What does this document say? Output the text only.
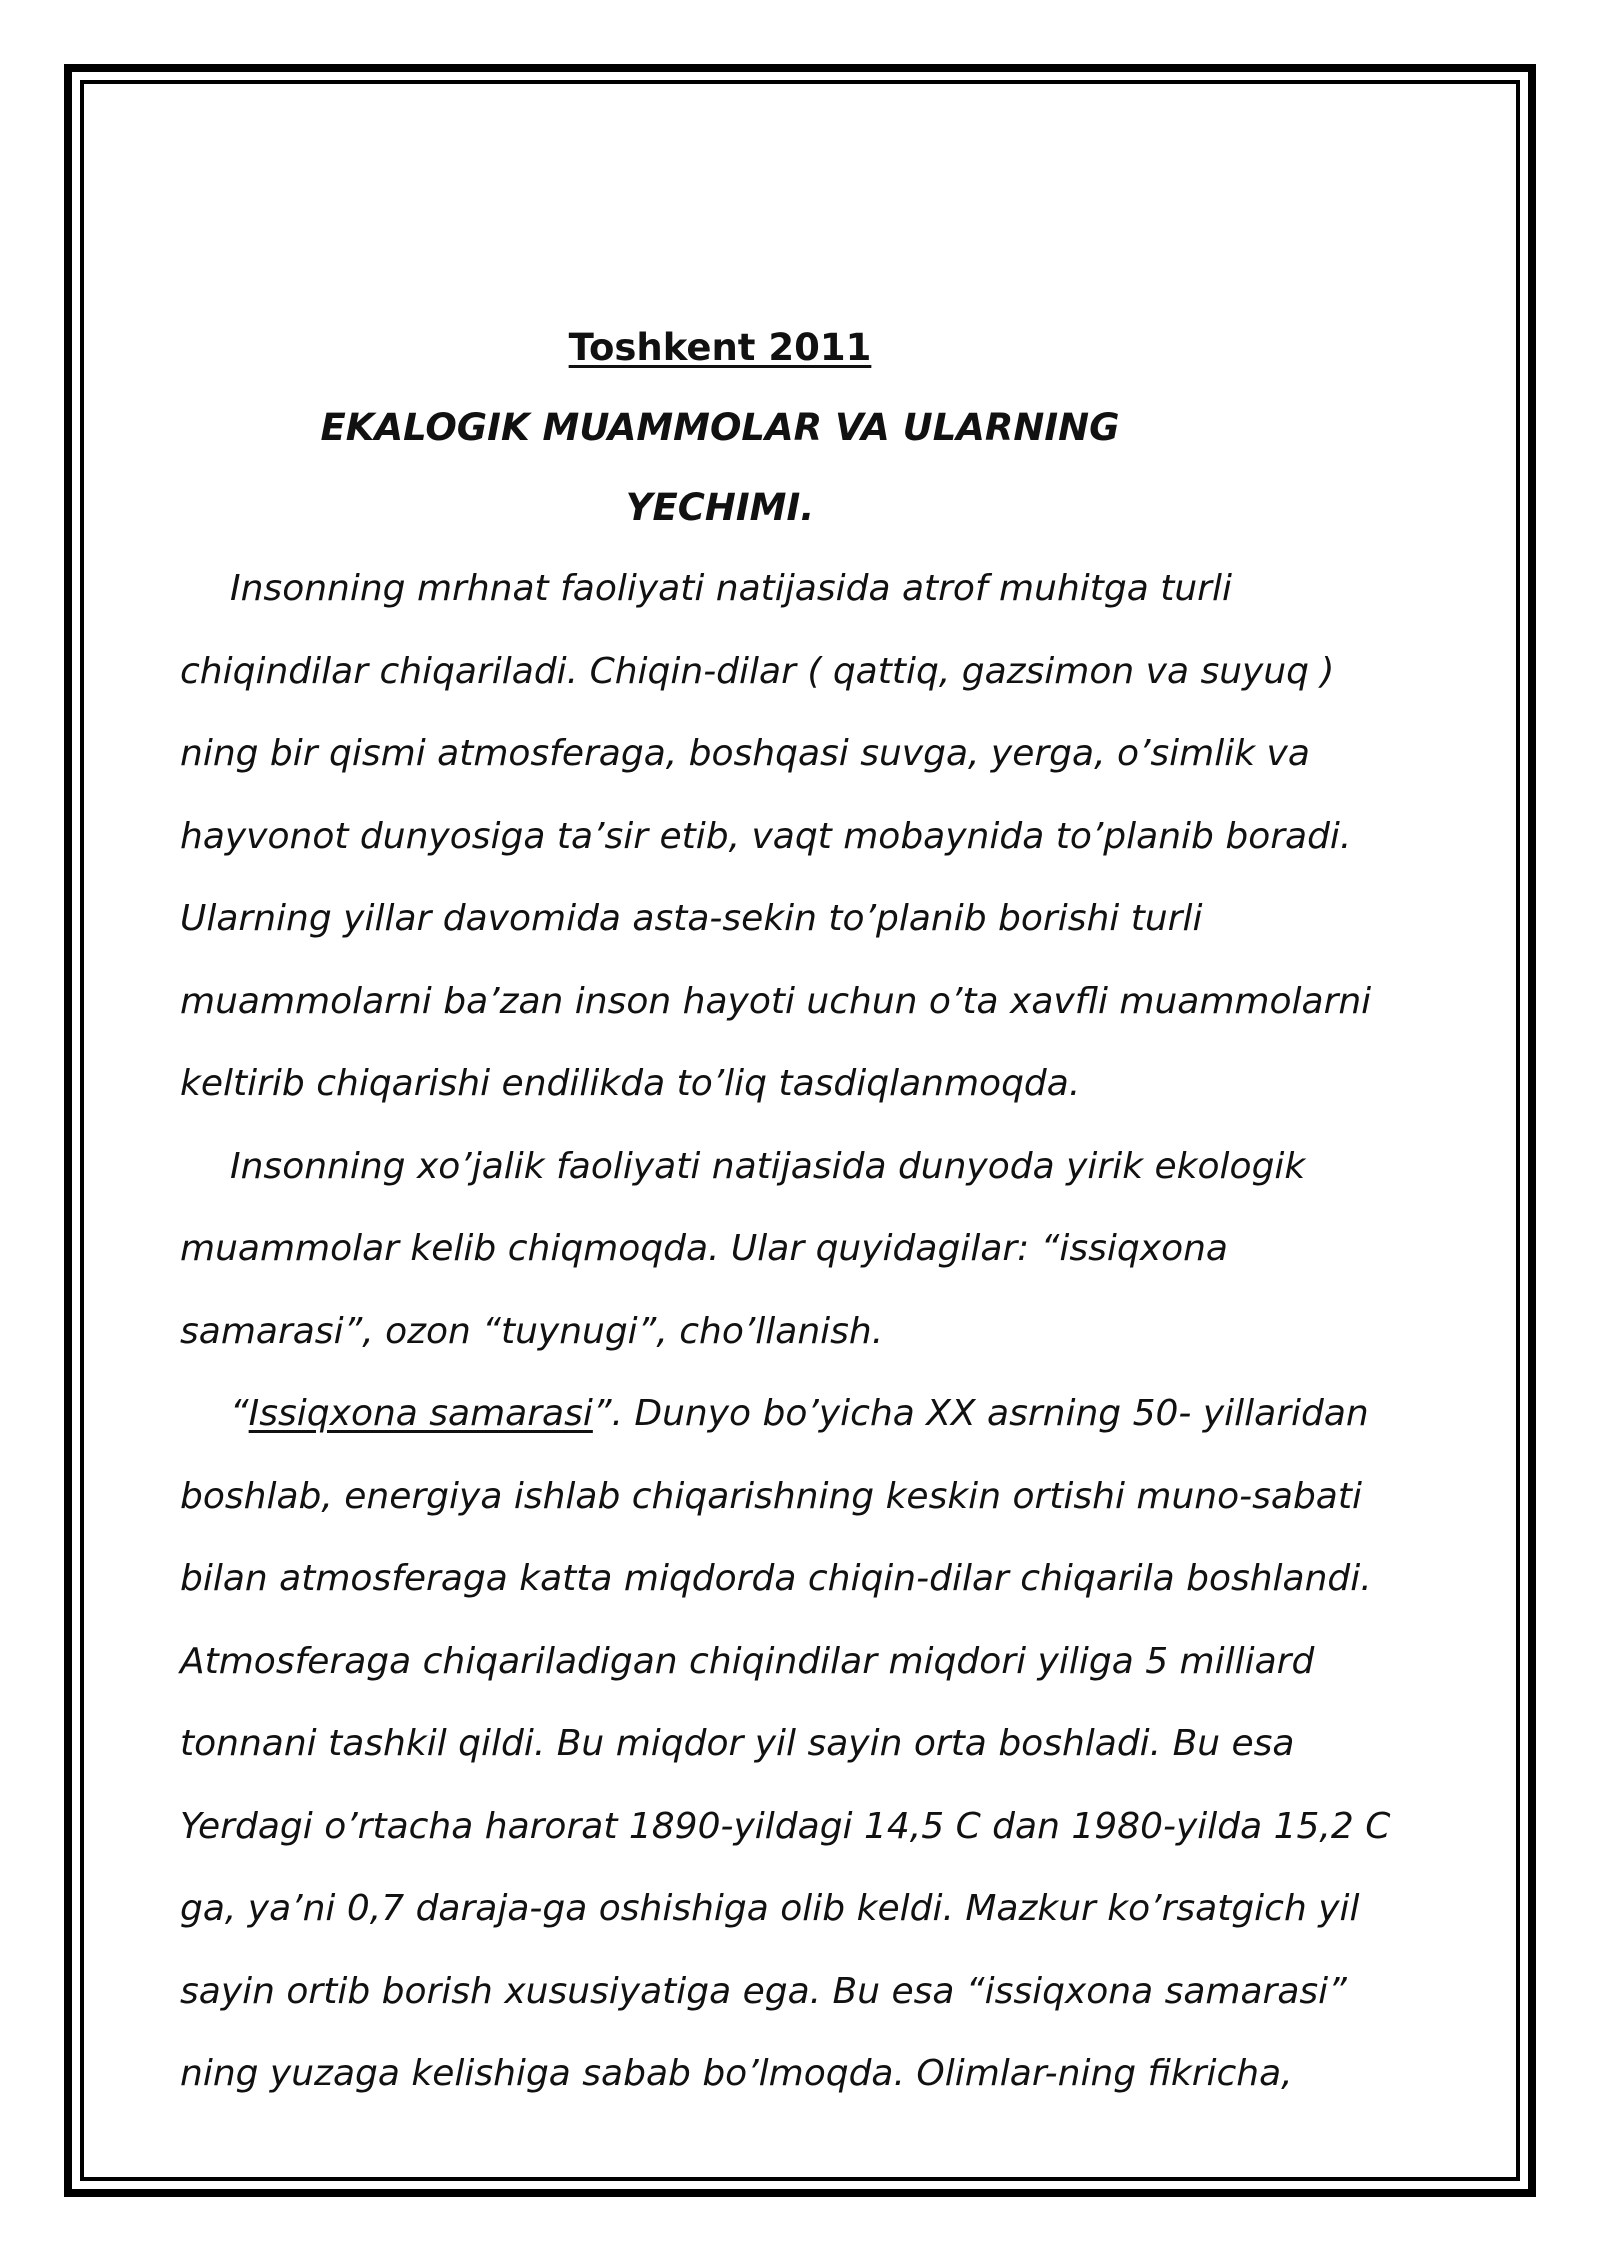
Toshkent 2011

EKALOGIK MUAMMOLAR VA ULARNING

YECHIMI.

Insonning mrhnat faoliyati natijasida atrof muhitga turli
chiqindilar chiqariladi. Chiqin-dilar ( qattiq, gazsimon va suyuq )
ning bir qismi atmosferaga, boshqasi suvga, yerga, o’simlik va
hayvonot dunyosiga ta’sir etib, vaqt mobaynida to’planib boradi.
Ularning yillar davomida asta-sekin to’planib borishi turli
muammolarni ba’zan inson hayoti uchun o’ta xavfli muammolarni
keltirib chiqarishi endilikda to’liq tasdiqlanmoqda.

Insonning xo’jalik faoliyati natijasida dunyoda yirik ekologik
muammolar kelib chiqmoqda. Ular quyidagilar: “issiqxona
samarasi”, ozon “tuynugi”, cho’llanish.

“Issiqxona samarasi”. Dunyo bo’yicha XX asrning 50- yillaridan
boshlab, energiya ishlab chiqarishning keskin ortishi muno-sabati
bilan atmosferaga katta miqdorda chiqin-dilar chiqarila boshlandi.
Atmosferaga chiqariladigan chiqindilar miqdori yiliga 5 milliard
tonnani tashkil qildi. Bu miqdor yil sayin orta boshladi. Bu esa
Yerdagi o’rtacha harorat 1890-yildagi 14,5 C dan 1980-yilda 15,2 C
ga, ya’ni 0,7 daraja-ga oshishiga olib keldi. Mazkur ko’rsatgich yil
sayin ortib borish xususiyatiga ega. Bu esa “issiqxona samarasi”
ning yuzaga kelishiga sabab bo’lmoqda. Olimlar-ning fikricha,
